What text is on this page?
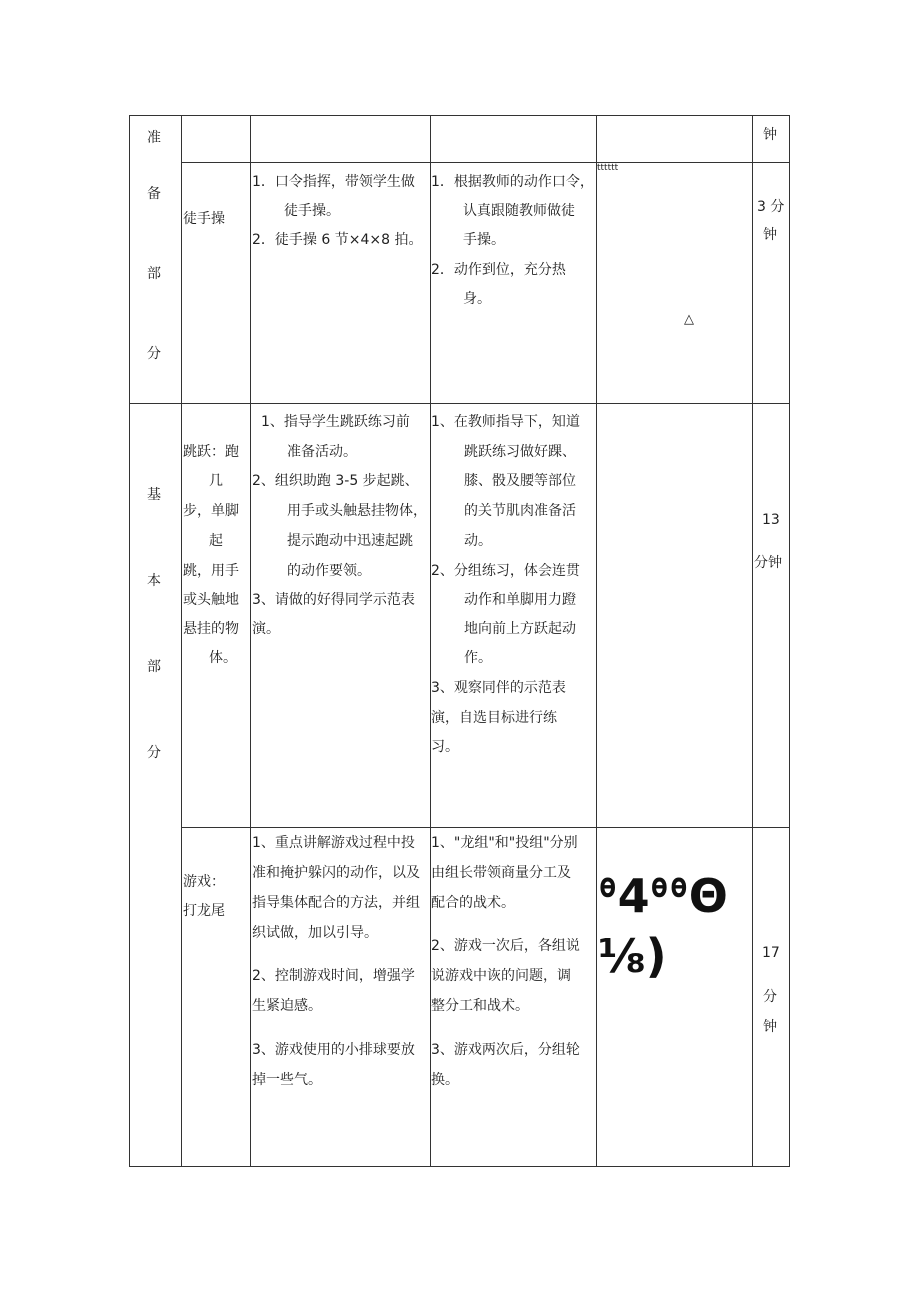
准
备
部
分
钟
徒手操
1．口令指挥，带领学生做
徒手操。
2．徒手操 6 节×4×8 拍。
1．根据教师的动作口令，
认真跟随教师做徒
手操。
2．动作到位，充分热
身。
tttttt
△
3 分
钟
基
本
部
分
跳跃：跑
几
步，单脚
起
跳，用手
或头触地
悬挂的物
体。
1、指导学生跳跃练习前
准备活动。
2、组织助跑 3-5 步起跳、
用手或头触悬挂物体，
提示跑动中迅速起跳
的动作要领。
3、请做的好得同学示范表
演。
1、在教师指导下，知道
跳跃练习做好踝、
膝、骰及腰等部位
的关节肌肉准备活
动。
2、分组练习，体会连贯
动作和单脚用力蹬
地向前上方跃起动
作。
3、观察同伴的示范表
演，自选目标进行练
习。
13
分钟
游戏：
打龙尾
1、重点讲解游戏过程中投
准和掩护躲闪的动作，以及
指导集体配合的方法，并组
织试做，加以引导。
2、控制游戏时间，增强学
生紧迫感。
3、游戏使用的小排球要放
掉一些气。
1、"龙组"和"投组"分别
由组长带领商量分工及
配合的战术。
2、游戏一次后，各组说
说游戏中诙的问题，调
整分工和战术。
3、游戏两次后，分组轮
换。
ᶿ4ᶿᶿΘ
⅛)	17
分
钟
